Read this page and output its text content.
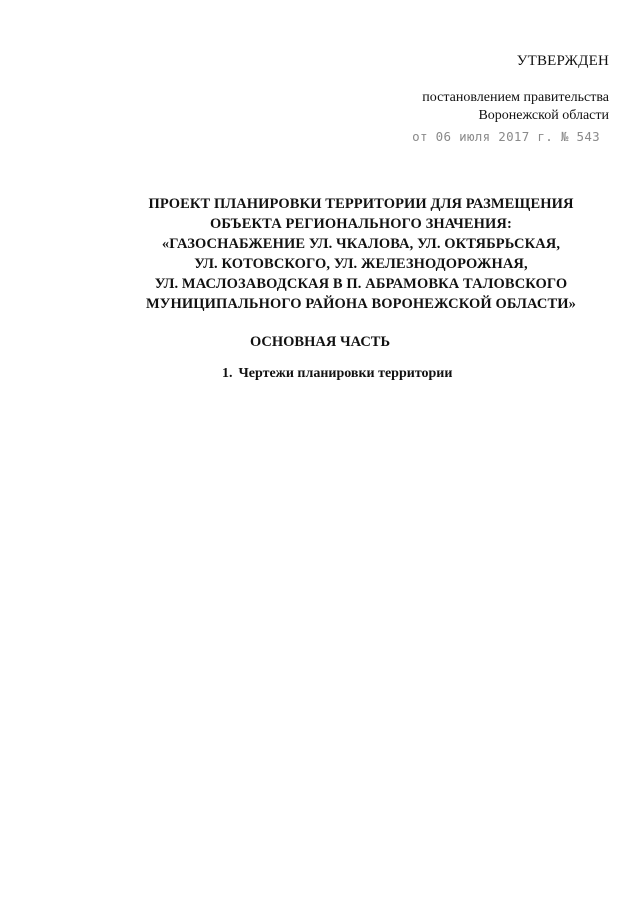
УТВЕРЖДЕН
постановлением правительства
Воронежской области
от 06 июля 2017 г. № 543
ПРОЕКТ ПЛАНИРОВКИ ТЕРРИТОРИИ ДЛЯ РАЗМЕЩЕНИЯ
ОБЪЕКТА РЕГИОНАЛЬНОГО ЗНАЧЕНИЯ:
«ГАЗОСНАБЖЕНИЕ УЛ. ЧКАЛОВА, УЛ. ОКТЯБРЬСКАЯ,
УЛ. КОТОВСКОГО, УЛ. ЖЕЛЕЗНОДОРОЖНАЯ,
УЛ. МАСЛОЗАВОДСКАЯ В П. АБРАМОВКА ТАЛОВСКОГО
МУНИЦИПАЛЬНОГО РАЙОНА ВОРОНЕЖСКОЙ ОБЛАСТИ»
ОСНОВНАЯ ЧАСТЬ
1. Чертежи планировки территории
